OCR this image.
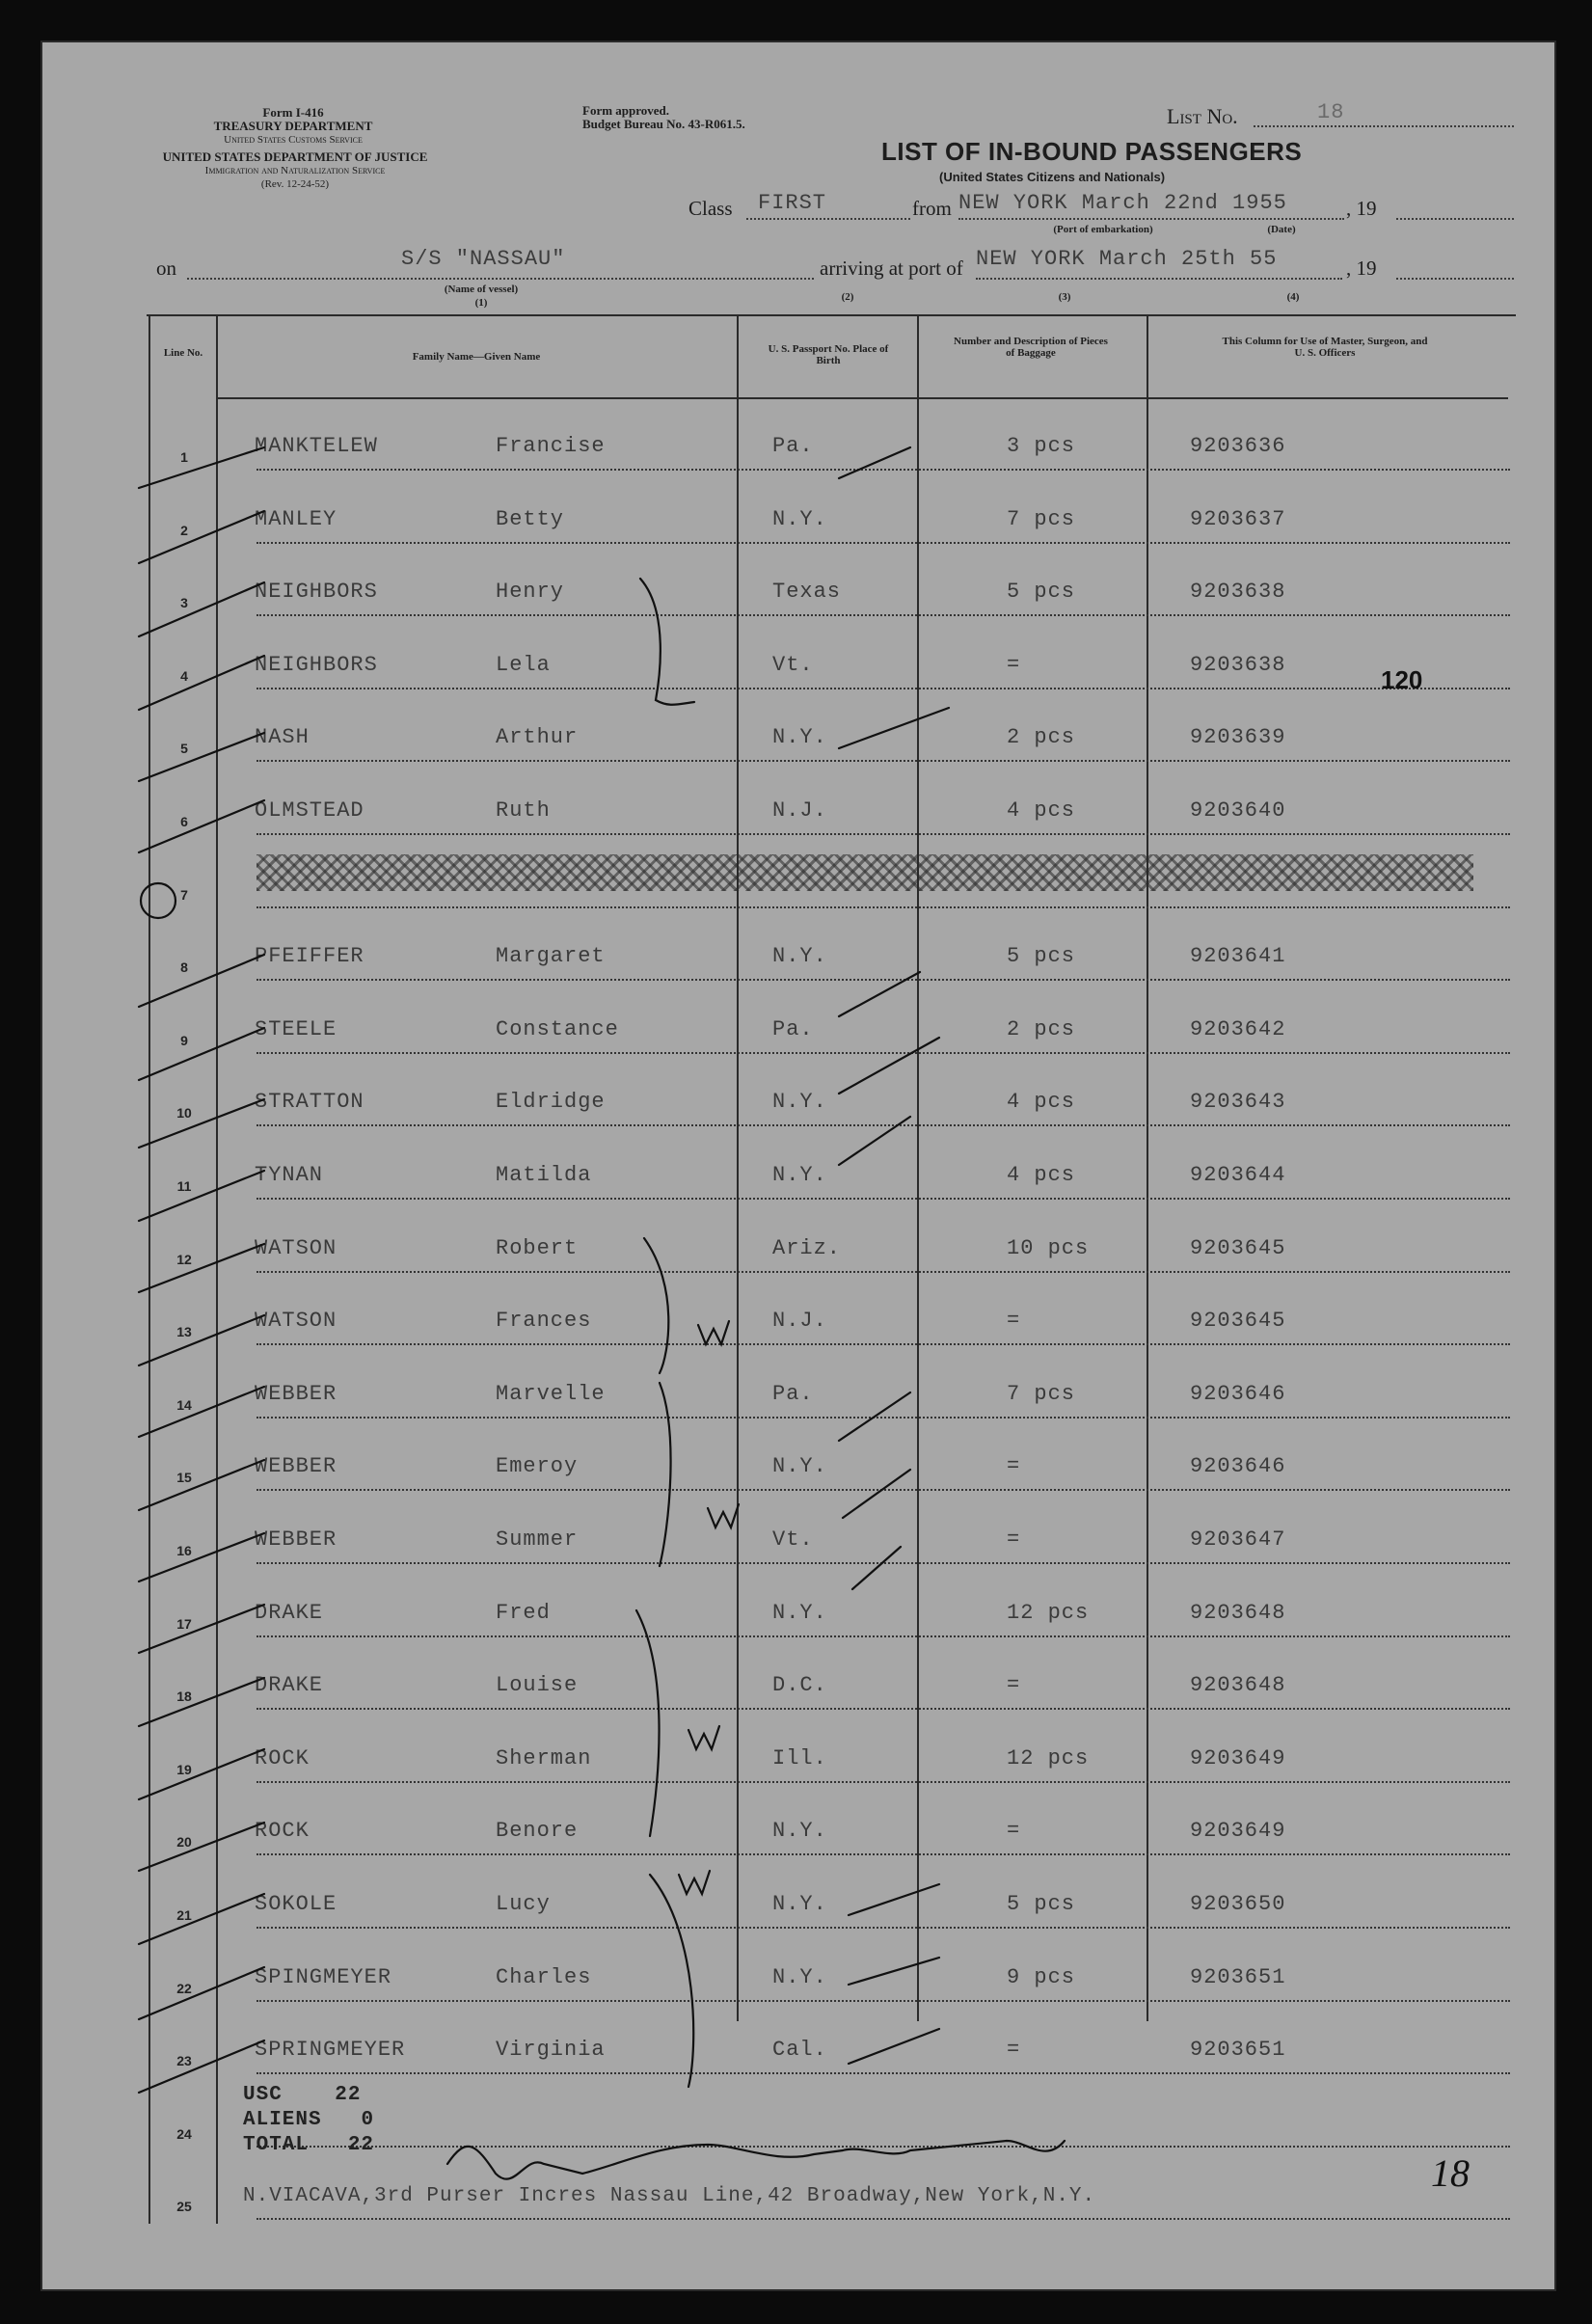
Form I-416
TREASURY DEPARTMENT
United States Customs Service
UNITED STATES DEPARTMENT OF JUSTICE
Immigration and Naturalization Service
(Rev. 12-24-52)
Form approved.
Budget Bureau No. 43-R061.5.	List No.	18
LIST OF IN-BOUND PASSENGERS
(United States Citizens and Nationals)
Class FIRST	from NEW YORK March 22nd 1955	, 19
(Port of embarkation)	(Date)
on	S/S "NASSAU"
(Name of vessel)
(1)
arriving at port of NEW YORK March 25th 55	, 19
(2)	(3)	(4)
Line No.	Family Name—Given Name
U. S. Passport No. Place of Birth
Number and Description of Pieces of Baggage
This Column for Use of Master, Surgeon, and U. S. Officers
1	MANKTELEW	Francise	Pa.	3 pcs	9203636
2	MANLEY	Betty	N.Y.	7 pcs	9203637
3	NEIGHBORS	Henry	Texas	5 pcs	9203638
4	NEIGHBORS	Lela	Vt.	=	9203638
5	NASH	Arthur	N.Y.	2 pcs	9203639
6	OLMSTEAD	Ruth	N.J.	4 pcs	9203640
7
8	PFEIFFER	Margaret	N.Y.	5 pcs	9203641
9	STEELE	Constance	Pa.	2 pcs	9203642
10	STRATTON	Eldridge	N.Y.	4 pcs	9203643
11	TYNAN	Matilda	N.Y.	4 pcs	9203644
12	WATSON	Robert	Ariz.	10 pcs	9203645
13	WATSON	Frances	N.J.	=	9203645
14	WEBBER	Marvelle	Pa.	7 pcs	9203646
15	WEBBER	Emeroy	N.Y.	=	9203646
16	WEBBER	Summer	Vt.	=	9203647
17	DRAKE	Fred	N.Y.	12 pcs	9203648
18	DRAKE	Louise	D.C.	=	9203648
19	ROCK	Sherman	Ill.	12 pcs	9203649
20	ROCK	Benore	N.Y.	=	9203649
21	SOKOLE	Lucy	N.Y.	5 pcs	9203650
22	SPINGMEYER	Charles	N.Y.	9 pcs	9203651
23	SPRINGMEYER	Virginia	Cal.	=	9203651
24
25
120
USC	22
ALIENS 0
TOTAL 22
N.VIACAVA,3rd Purser Incres Nassau Line,42 Broadway,New York,N.Y.
18
